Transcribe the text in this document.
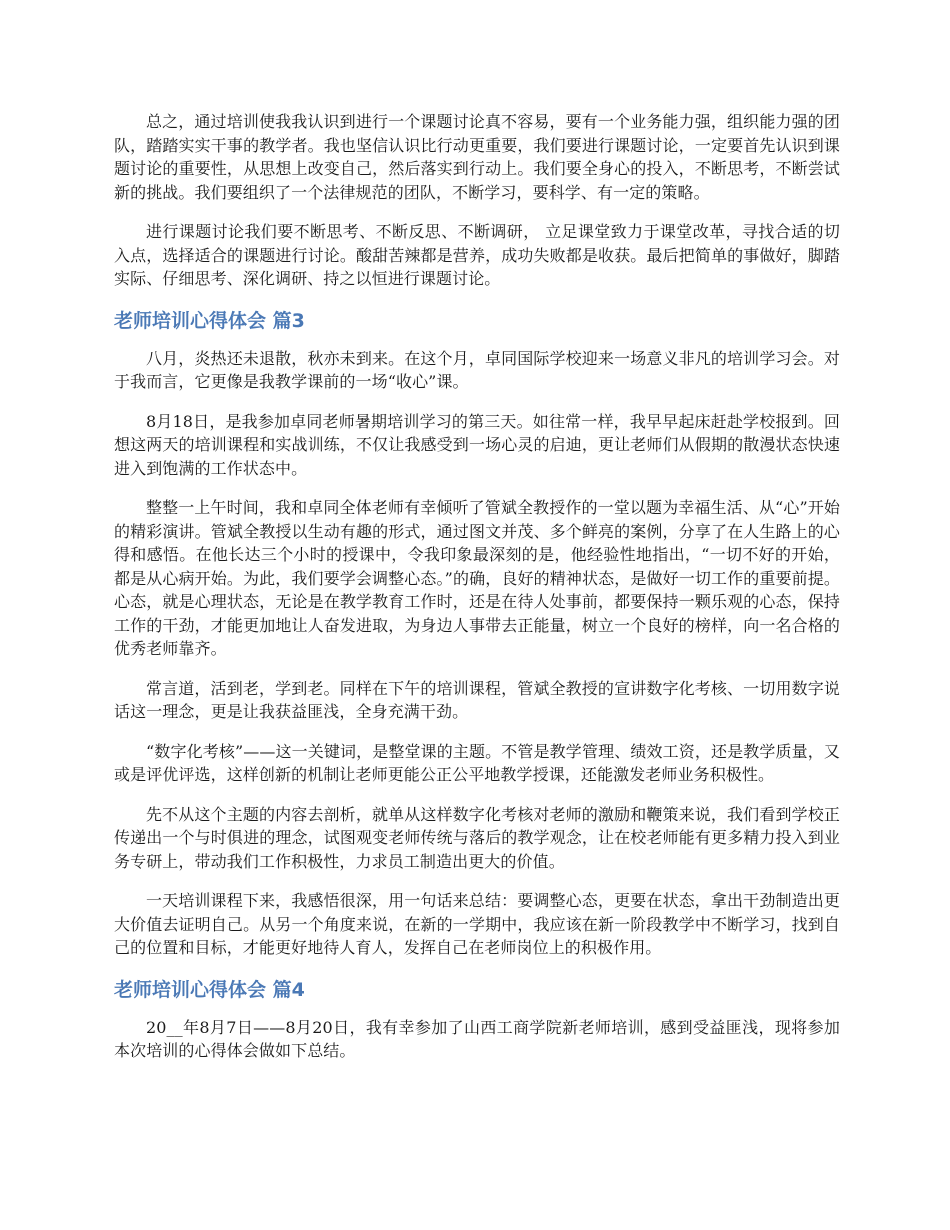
总之，通过培训使我我认识到进行一个课题讨论真不容易，要有一个业务能力强，组织能力强的团队，踏踏实实干事的教学者。我也坚信认识比行动更重要，我们要进行课题讨论，一定要首先认识到课题讨论的重要性，从思想上改变自己，然后落实到行动上。我们要全身心的投入，不断思考，不断尝试新的挑战。我们要组织了一个法律规范的团队，不断学习，要科学、有一定的策略。

进行课题讨论我们要不断思考、不断反思、不断调研， 立足课堂致力于课堂改革，寻找合适的切入点，选择适合的课题进行讨论。酸甜苦辣都是营养，成功失败都是收获。最后把简单的事做好，脚踏实际、仔细思考、深化调研、持之以恒进行课题讨论。

老师培训心得体会 篇3

八月，炎热还未退散，秋亦未到来。在这个月，卓同国际学校迎来一场意义非凡的培训学习会。对于我而言，它更像是我教学课前的一场“收心”课。

8月18日，是我参加卓同老师暑期培训学习的第三天。如往常一样，我早早起床赶赴学校报到。回想这两天的培训课程和实战训练，不仅让我感受到一场心灵的启迪，更让老师们从假期的散漫状态快速进入到饱满的工作状态中。

整整一上午时间，我和卓同全体老师有幸倾听了管斌全教授作的一堂以题为幸福生活、从“心”开始的精彩演讲。管斌全教授以生动有趣的形式，通过图文并茂、多个鲜亮的案例，分享了在人生路上的心得和感悟。在他长达三个小时的授课中，令我印象最深刻的是，他经验性地指出，“一切不好的开始，都是从心病开始。为此，我们要学会调整心态。”的确，良好的精神状态，是做好一切工作的重要前提。心态，就是心理状态，无论是在教学教育工作时，还是在待人处事前，都要保持一颗乐观的心态，保持工作的干劲，才能更加地让人奋发进取，为身边人事带去正能量，树立一个良好的榜样，向一名合格的优秀老师靠齐。

常言道，活到老，学到老。同样在下午的培训课程，管斌全教授的宣讲数字化考核、一切用数字说话这一理念，更是让我获益匪浅，全身充满干劲。

“数字化考核”——这一关键词，是整堂课的主题。不管是教学管理、绩效工资，还是教学质量，又或是评优评选，这样创新的机制让老师更能公正公平地教学授课，还能激发老师业务积极性。

先不从这个主题的内容去剖析，就单从这样数字化考核对老师的激励和鞭策来说，我们看到学校正传递出一个与时俱进的理念，试图观变老师传统与落后的教学观念，让在校老师能有更多精力投入到业务专研上，带动我们工作积极性，力求员工制造出更大的价值。

一天培训课程下来，我感悟很深，用一句话来总结：要调整心态，更要在状态，拿出干劲制造出更大价值去证明自己。从另一个角度来说，在新的一学期中，我应该在新一阶段教学中不断学习，找到自己的位置和目标，才能更好地待人育人，发挥自己在老师岗位上的积极作用。

老师培训心得体会 篇4

20__年8月7日——8月20日，我有幸参加了山西工商学院新老师培训，感到受益匪浅，现将参加本次培训的心得体会做如下总结。
